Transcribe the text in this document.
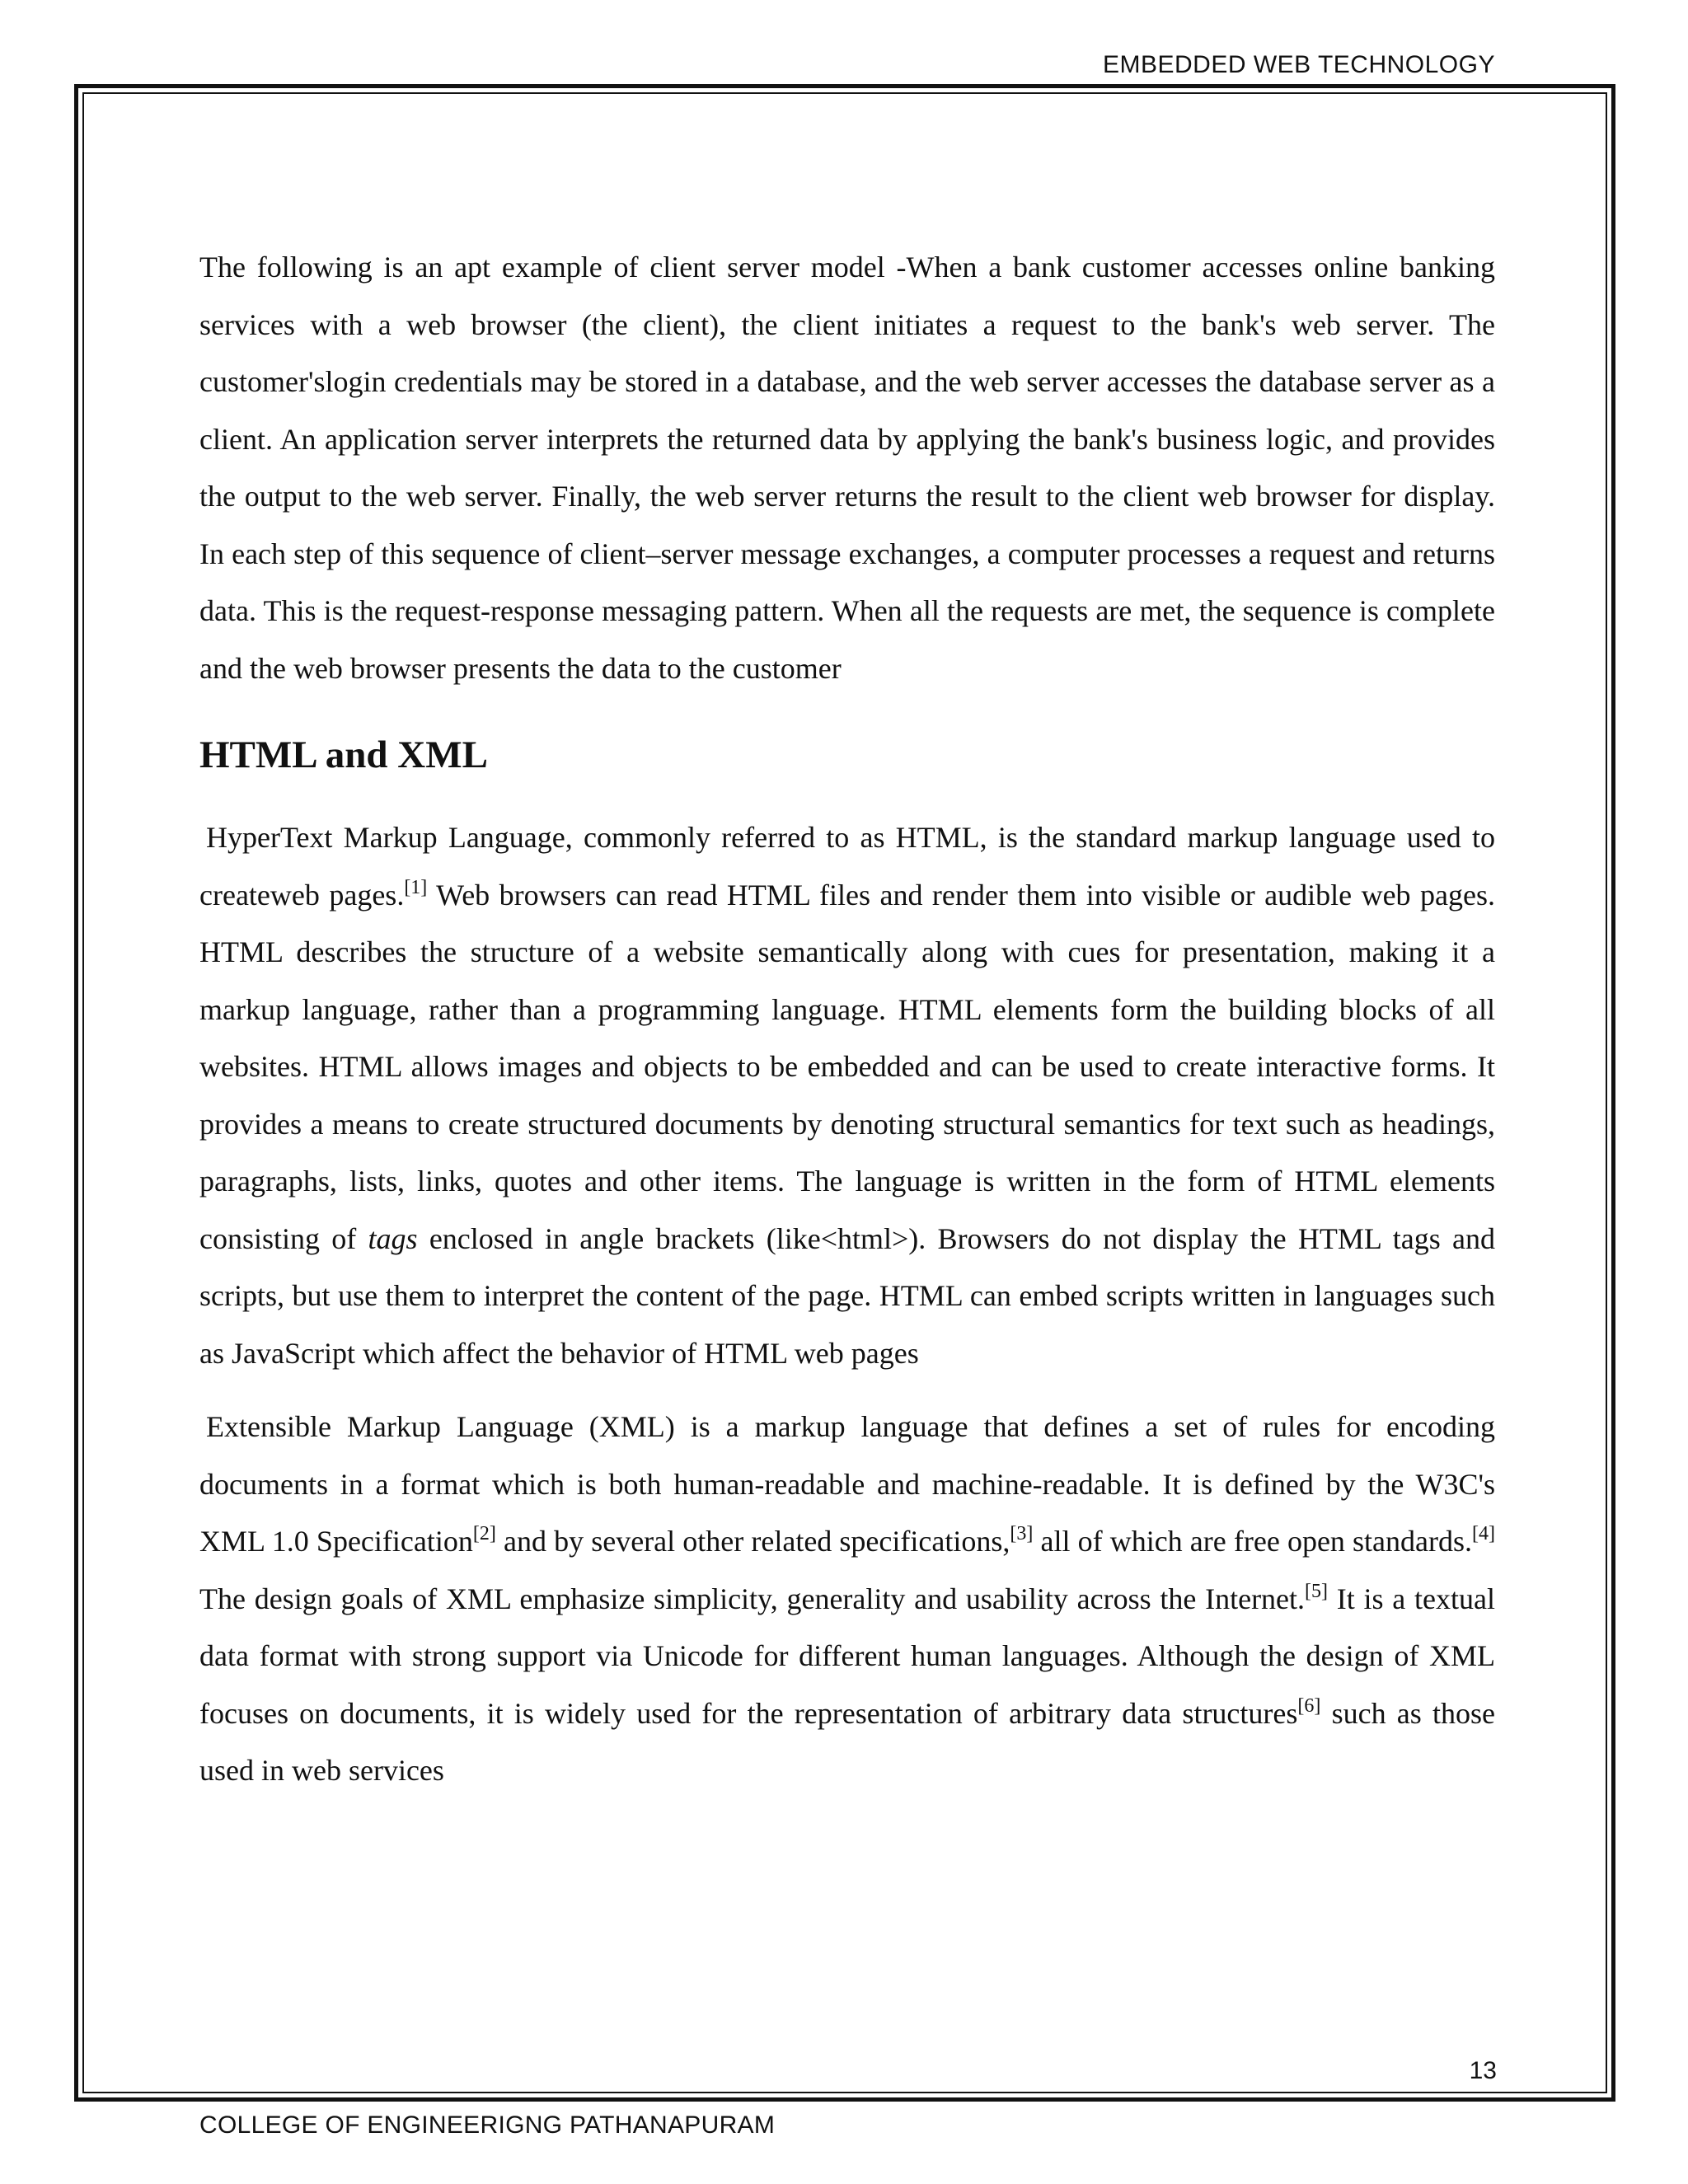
EMBEDDED WEB TECHNOLOGY

The following is an apt example of client server model -When a bank customer accesses online banking services with a web browser (the client), the client initiates a request to the bank's web server. The customer'slogin credentials may be stored in a database, and the web server accesses the database server as a client. An application server interprets the returned data by applying the bank's business logic, and provides the output to the web server. Finally, the web server returns the result to the client web browser for display. In each step of this sequence of client–server message exchanges, a computer processes a request and returns data. This is the request-response messaging pattern. When all the requests are met, the sequence is complete and the web browser presents the data to the customer

HTML and XML

HyperText Markup Language, commonly referred to as HTML, is the standard markup language used to createweb pages.[1] Web browsers can read HTML files and render them into visible or audible web pages. HTML describes the structure of a website semantically along with cues for presentation, making it a markup language, rather than a programming language. HTML elements form the building blocks of all websites. HTML allows images and objects to be embedded and can be used to create interactive forms. It provides a means to create structured documents by denoting structural semantics for text such as headings, paragraphs, lists, links, quotes and other items. The language is written in the form of HTML elements consisting of tags enclosed in angle brackets (like<html>). Browsers do not display the HTML tags and scripts, but use them to interpret the content of the page. HTML can embed scripts written in languages such as JavaScript which affect the behavior of HTML web pages

Extensible Markup Language (XML) is a markup language that defines a set of rules for encoding documents in a format which is both human-readable and machine-readable. It is defined by the W3C's XML 1.0 Specification[2] and by several other related specifications,[3] all of which are free open standards.[4] The design goals of XML emphasize simplicity, generality and usability across the Internet.[5] It is a textual data format with strong support via Unicode for different human languages. Although the design of XML focuses on documents, it is widely used for the representation of arbitrary data structures[6] such as those used in web services

13
COLLEGE OF ENGINEERIGNG PATHANAPURAM
